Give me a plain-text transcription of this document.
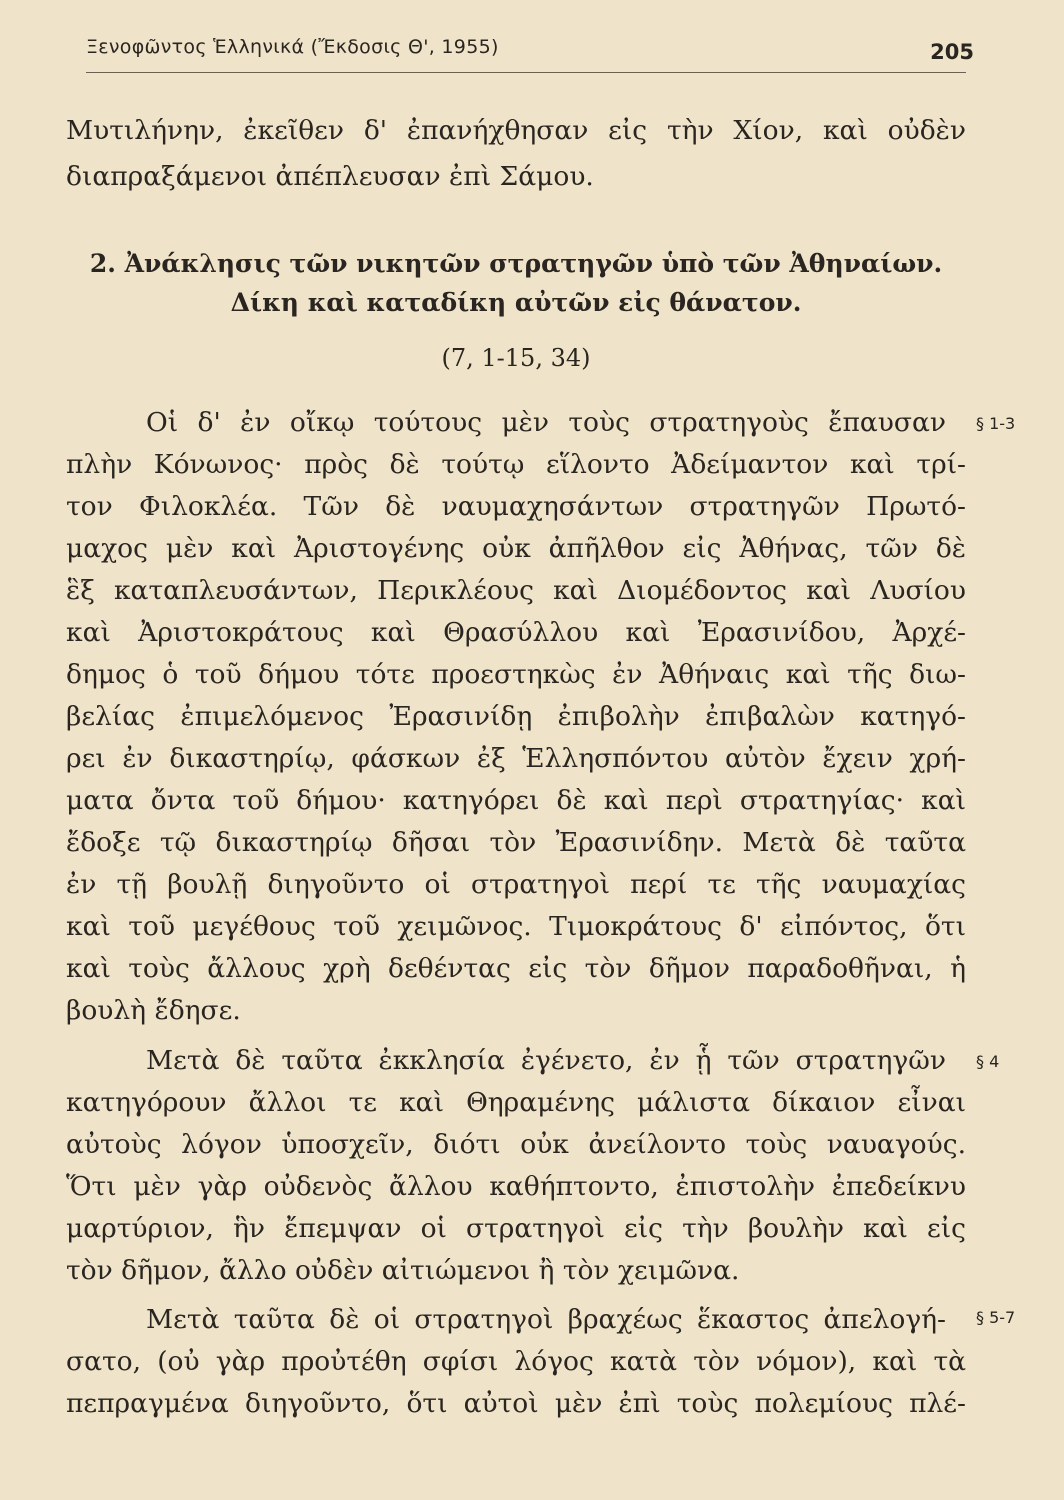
Ξενοφῶντος Ἑλληνικά (Ἔκδοσις Θ', 1955)	205
Μυτιλήνην, ἐκεῖθεν δ' ἐπανήχθησαν εἰς τὴν Χίον, καὶ οὐδὲν
διαπραξάμενοι ἀπέπλευσαν ἐπὶ Σάμου.
2. Ἀνάκλησις τῶν νικητῶν στρατηγῶν ὑπὸ τῶν Ἀθηναίων.
Δίκη καὶ καταδίκη αὐτῶν εἰς θάνατον.
(7, 1-15, 34)
Οἱ δ' ἐν οἴκῳ τούτους μὲν τοὺς στρατηγοὺς ἔπαυσαν
πλὴν Κόνωνος· πρὸς δὲ τούτῳ εἵλοντο Ἀδείμαντον καὶ τρί-
τον Φιλοκλέα. Τῶν δὲ ναυμαχησάντων στρατηγῶν Πρωτό-
μαχος μὲν καὶ Ἀριστογένης οὐκ ἀπῆλθον εἰς Ἀθήνας, τῶν δὲ
ἓξ καταπλευσάντων, Περικλέους καὶ Διομέδοντος καὶ Λυσίου
καὶ Ἀριστοκράτους καὶ Θρασύλλου καὶ Ἐρασινίδου, Ἀρχέ-
δημος ὁ τοῦ δήμου τότε προεστηκὼς ἐν Ἀθήναις καὶ τῆς διω-
βελίας ἐπιμελόμενος Ἐρασινίδῃ ἐπιβολὴν ἐπιβαλὼν κατηγό-
ρει ἐν δικαστηρίῳ, φάσκων ἐξ Ἑλλησπόντου αὐτὸν ἔχειν χρή-
ματα ὄντα τοῦ δήμου· κατηγόρει δὲ καὶ περὶ στρατηγίας· καὶ
ἔδοξε τῷ δικαστηρίῳ δῆσαι τὸν Ἐρασινίδην. Μετὰ δὲ ταῦτα
ἐν τῇ βουλῇ διηγοῦντο οἱ στρατηγοὶ περί τε τῆς ναυμαχίας
καὶ τοῦ μεγέθους τοῦ χειμῶνος. Τιμοκράτους δ' εἰπόντος, ὅτι
καὶ τοὺς ἄλλους χρὴ δεθέντας εἰς τὸν δῆμον παραδοθῆναι, ἡ
βουλὴ ἔδησε.
Μετὰ δὲ ταῦτα ἐκκλησία ἐγένετο, ἐν ᾗ τῶν στρατηγῶν
κατηγόρουν ἄλλοι τε καὶ Θηραμένης μάλιστα δίκαιον εἶναι
αὐτοὺς λόγον ὑποσχεῖν, διότι οὐκ ἀνείλοντο τοὺς ναυαγούς.
Ὅτι μὲν γὰρ οὐδενὸς ἄλλου καθήπτοντο, ἐπιστολὴν ἐπεδείκνυ
μαρτύριον, ἣν ἔπεμψαν οἱ στρατηγοὶ εἰς τὴν βουλὴν καὶ εἰς
τὸν δῆμον, ἄλλο οὐδὲν αἰτιώμενοι ἢ τὸν χειμῶνα.
Μετὰ ταῦτα δὲ οἱ στρατηγοὶ βραχέως ἕκαστος ἀπελογή-
σατο, (οὐ γὰρ προὐτέθη σφίσι λόγος κατὰ τὸν νόμον), καὶ τὰ
πεπραγμένα διηγοῦντο, ὅτι αὐτοὶ μὲν ἐπὶ τοὺς πολεμίους πλέ-
§ 1-3
§ 4
§ 5-7
